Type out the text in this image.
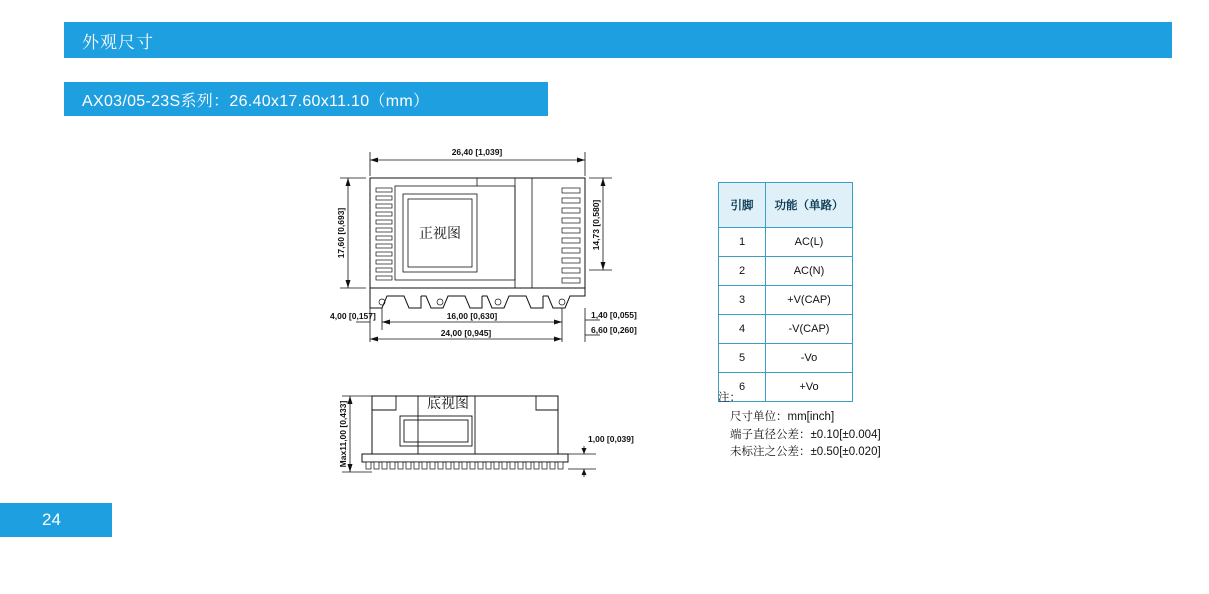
外观尺寸
AX03/05-23S系列：26.40x17.60x11.10（mm）
26,40 [1,039]
17,60 [0,693]	14,73 [0,580]
正视图
16,00 [0,630]
4,00 [0,157]
24,00 [0,945]
1,40 [0,055]
6,60 [0,260]
Max11,00 [0,433]	底视图
1,00 [0,039]
引脚	功能（单路）
1	AC(L)
2	AC(N)
3	+V(CAP)
4	-V(CAP)
5	-Vo
6	+Vo
注：
尺寸单位：mm[inch]
端子直径公差：±0.10[±0.004]
未标注之公差：±0.50[±0.020]
24
